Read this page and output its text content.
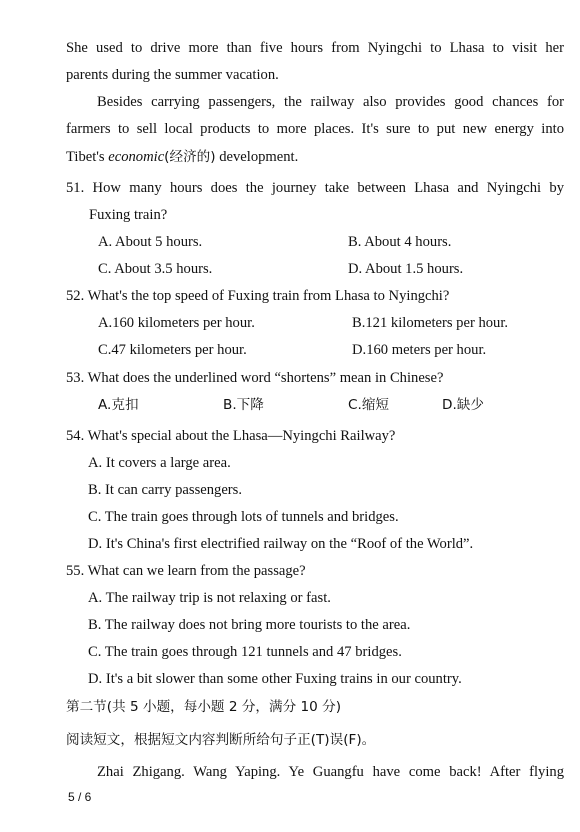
She used to drive more than five hours from Nyingchi to Lhasa to visit her
parents during the summer vacation.
Besides carrying passengers, the railway also provides good chances for
farmers to sell local products to more places. It's sure to put new energy into
Tibet's economic(经济的) development.
51. How many hours does the journey take between Lhasa and Nyingchi by
Fuxing train?
A. About 5 hours.	B. About 4 hours.
C. About 3.5 hours.	D. About 1.5 hours.
52. What's the top speed of Fuxing train from Lhasa to Nyingchi?
A.160 kilometers per hour.	B.121 kilometers per hour.
C.47 kilometers per hour.	D.160 meters per hour.
53. What does the underlined word “shortens” mean in Chinese?
A.克扣	B.下降	C.缩短	D.缺少
54. What's special about the Lhasa—Nyingchi Railway?
A. It covers a large area.
B. It can carry passengers.
C. The train goes through lots of tunnels and bridges.
D. It's China's first electrified railway on the “Roof of the World”.
55. What can we learn from the passage?
A. The railway trip is not relaxing or fast.
B. The railway does not bring more tourists to the area.
C. The train goes through 121 tunnels and 47 bridges.
D. It's a bit slower than some other Fuxing trains in our country.
第二节(共 5 小题，每小题 2 分，满分 10 分)
阅读短文，根据短文内容判断所给句子正(T)误(F)。
Zhai Zhigang. Wang Yaping. Ye Guangfu have come back! After flying
5 / 6
